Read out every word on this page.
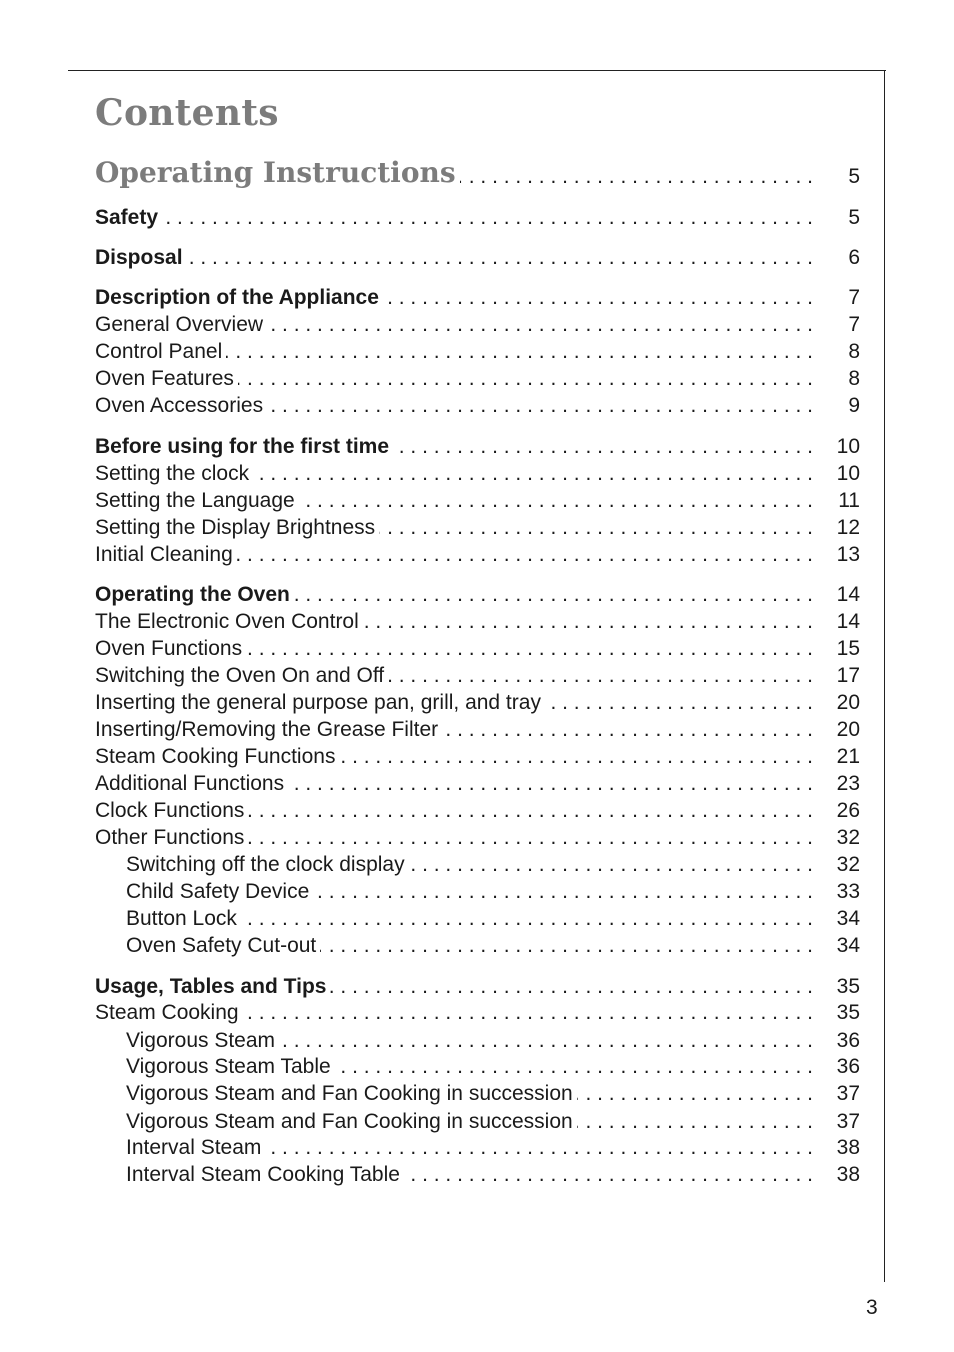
Contents
Operating Instructions . . .	5
Safety . . .	5
Disposal . . .	6
Description of the Appliance . . .	7
General Overview . . .	7
Control Panel . . .	8
Oven Features . . .	8
Oven Accessories . . .	9
Before using for the first time . . .	10
Setting the clock . . .	10
Setting the Language . . .	11
Setting the Display Brightness . . .	12
Initial Cleaning . . .	13
Operating the Oven . . .	14
The Electronic Oven Control . . .	14
Oven Functions . . .	15
Switching the Oven On and Off . . .	17
Inserting the general purpose pan, grill, and tray . . .	20
Inserting/Removing the Grease Filter . . .	20
Steam Cooking Functions . . .	21
Additional Functions . . .	23
Clock Functions . . .	26
Other Functions . . .	32
Switching off the clock display . . .	32
Child Safety Device . . .	33
Button Lock . . .	34
Oven Safety Cut-out . . .	34
Usage, Tables and Tips . . .	35
Steam Cooking . . .	35
Vigorous Steam . . .	36
Vigorous Steam Table . . .	36
Vigorous Steam and Fan Cooking in succession . . .	37
Vigorous Steam and Fan Cooking in succession . . .	37
Interval Steam . . .	38
Interval Steam Cooking Table . . .	38
3
